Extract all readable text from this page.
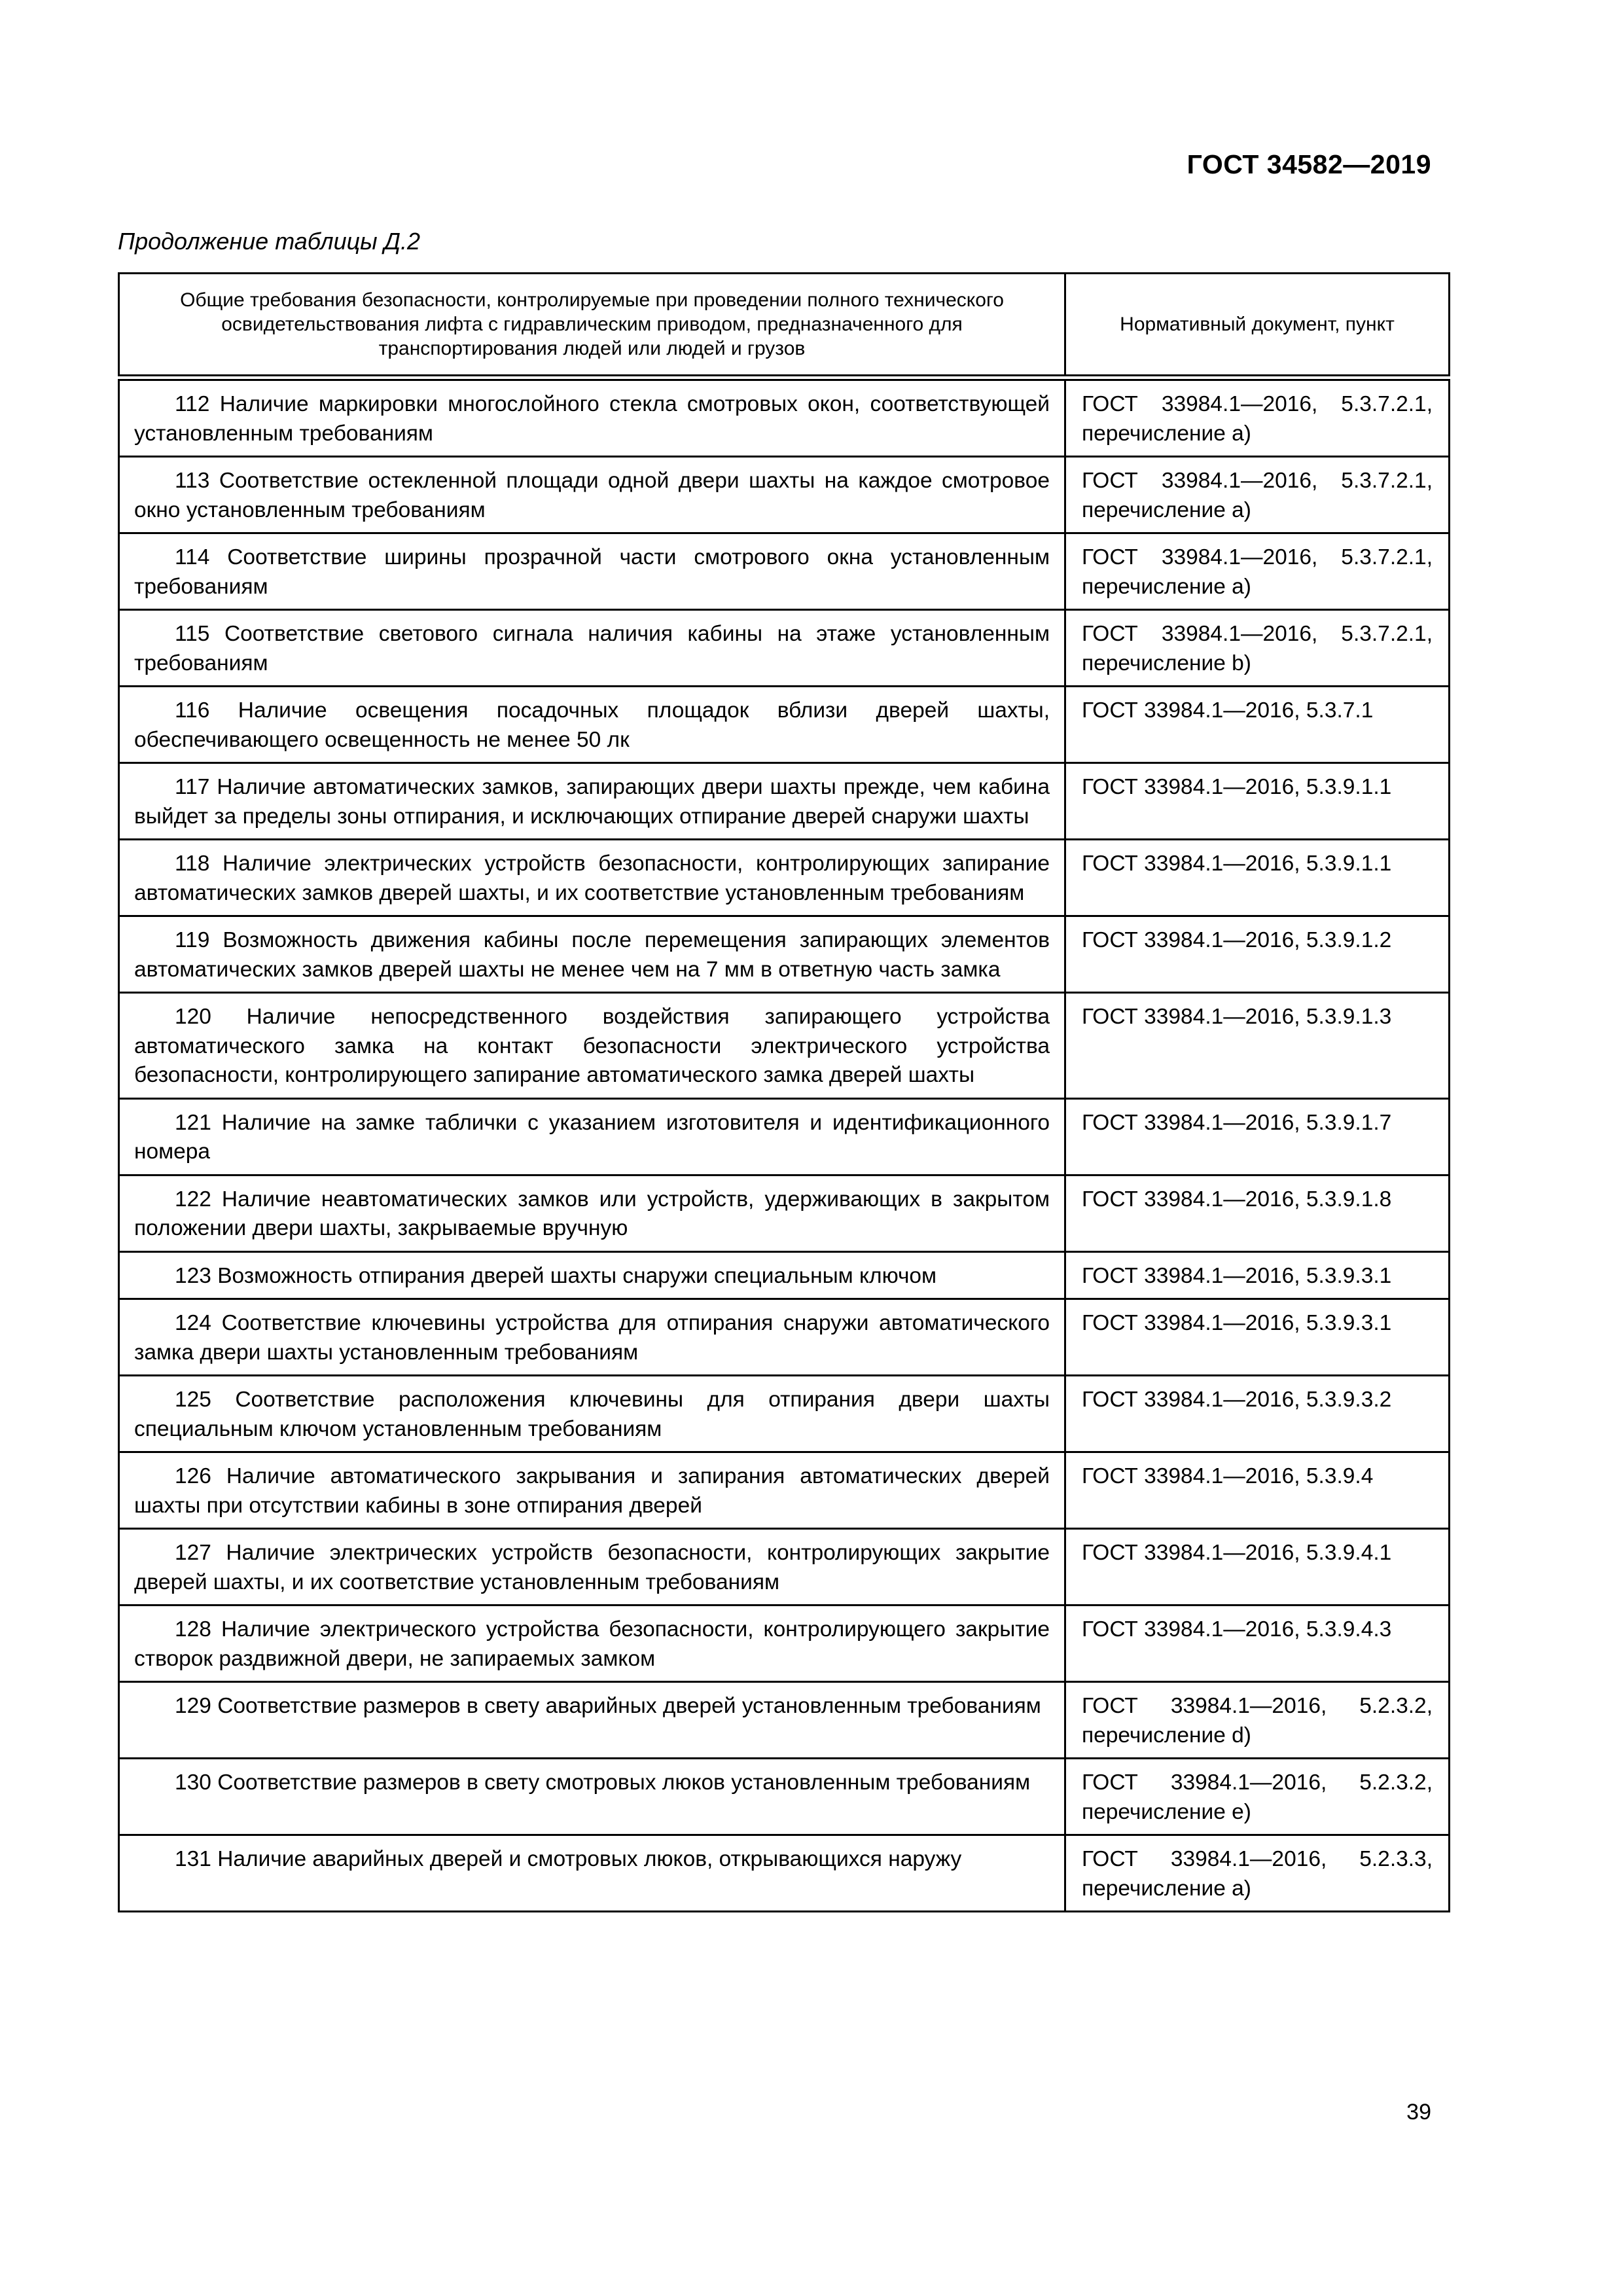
ГОСТ 34582—2019
Продолжение таблицы Д.2
Общие требования безопасности, контролируемые при проведении полного технического освидетельствования лифта с гидравлическим приводом, предназначенного для транспортирования людей или людей и грузов	Нормативный документ, пункт
112 Наличие маркировки многослойного стекла смотровых окон, соответствующей установленным требованиям	ГОСТ 33984.1—2016, 5.3.7.2.1,
перечисление а)

113 Соответствие остекленной площади одной двери шахты на каждое смотровое окно установленным требованиям	ГОСТ 33984.1—2016, 5.3.7.2.1,
перечисление а)

114 Соответствие ширины прозрачной части смотрового окна установленным требованиям	ГОСТ 33984.1—2016, 5.3.7.2.1,
перечисление а)

115 Соответствие светового сигнала наличия кабины на этаже установленным требованиям	ГОСТ 33984.1—2016, 5.3.7.2.1,
перечисление b)

116 Наличие освещения посадочных площадок вблизи дверей шахты, обеспечивающего освещенность не менее 50 лк	ГОСТ 33984.1—2016, 5.3.7.1

117 Наличие автоматических замков, запирающих двери шахты прежде, чем кабина выйдет за пределы зоны отпирания, и исключающих отпирание дверей снаружи шахты	ГОСТ 33984.1—2016, 5.3.9.1.1

118 Наличие электрических устройств безопасности, контролирующих запирание автоматических замков дверей шахты, и их соответствие установленным требованиям	ГОСТ 33984.1—2016, 5.3.9.1.1

119 Возможность движения кабины после перемещения запирающих элементов автоматических замков дверей шахты не менее чем на 7 мм в ответную часть замка	ГОСТ 33984.1—2016, 5.3.9.1.2

120 Наличие непосредственного воздействия запирающего устройства автоматического замка на контакт безопасности электрического устройства безопасности, контролирующего запирание автоматического замка дверей шахты	ГОСТ 33984.1—2016, 5.3.9.1.3

121 Наличие на замке таблички с указанием изготовителя и идентификационного номера	ГОСТ 33984.1—2016, 5.3.9.1.7

122 Наличие неавтоматических замков или устройств, удерживающих в закрытом положении двери шахты, закрываемые вручную	ГОСТ 33984.1—2016, 5.3.9.1.8

123 Возможность отпирания дверей шахты снаружи специальным ключом	ГОСТ 33984.1—2016, 5.3.9.3.1

124 Соответствие ключевины устройства для отпирания снаружи автоматического замка двери шахты установленным требованиям	ГОСТ 33984.1—2016, 5.3.9.3.1

125 Соответствие расположения ключевины для отпирания двери шахты специальным ключом установленным требованиям	ГОСТ 33984.1—2016, 5.3.9.3.2

126 Наличие автоматического закрывания и запирания автоматических дверей шахты при отсутствии кабины в зоне отпирания дверей	ГОСТ 33984.1—2016, 5.3.9.4

127 Наличие электрических устройств безопасности, контролирующих закрытие дверей шахты, и их соответствие установленным требованиям	ГОСТ 33984.1—2016, 5.3.9.4.1

128 Наличие электрического устройства безопасности, контролирующего закрытие створок раздвижной двери, не запираемых замком	ГОСТ 33984.1—2016, 5.3.9.4.3

129 Соответствие размеров в свету аварийных дверей установленным требованиям	ГОСТ 33984.1—2016, 5.2.3.2,
перечисление d)

130 Соответствие размеров в свету смотровых люков установленным требованиям	ГОСТ 33984.1—2016, 5.2.3.2,
перечисление е)

131 Наличие аварийных дверей и смотровых люков, открывающихся наружу	ГОСТ 33984.1—2016, 5.2.3.3,
перечисление а)
39
